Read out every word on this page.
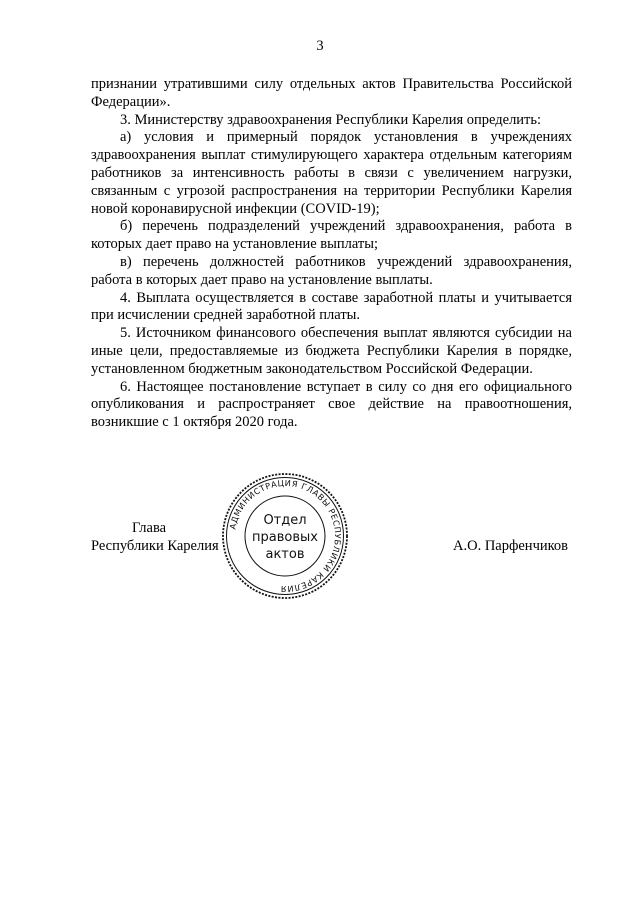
3

признании утратившими силу отдельных актов Правительства Российской Федерации».

3. Министерству здравоохранения Республики Карелия определить:

а) условия и примерный порядок установления в учреждениях здравоохранения выплат стимулирующего характера отдельным категориям работников за интенсивность работы в связи с увеличением нагрузки, связанным с угрозой распространения на территории Республики Карелия новой коронавирусной инфекции (COVID-19);

б) перечень подразделений учреждений здравоохранения, работа в которых дает право на установление выплаты;

в) перечень должностей работников учреждений здравоохранения, работа в которых дает право на установление выплаты.

4. Выплата осуществляется в составе заработной платы и учитывается при исчислении средней заработной платы.

5. Источником финансового обеспечения выплат являются субсидии на иные цели, предоставляемые из бюджета Республики Карелия в порядке, установленном бюджетным законодательством Российской Федерации.

6. Настоящее постановление вступает в силу со дня его официального опубликования и распространяет свое действие на правоотношения, возникшие с 1 октября 2020 года.

Глава
Республики Карелия	А.О. Парфенчиков
АДМИНИСТРАЦИЯ ГЛАВЫ РЕСПУБЛИКИ КАРЕЛИЯ
Отдел
правовых
актов
